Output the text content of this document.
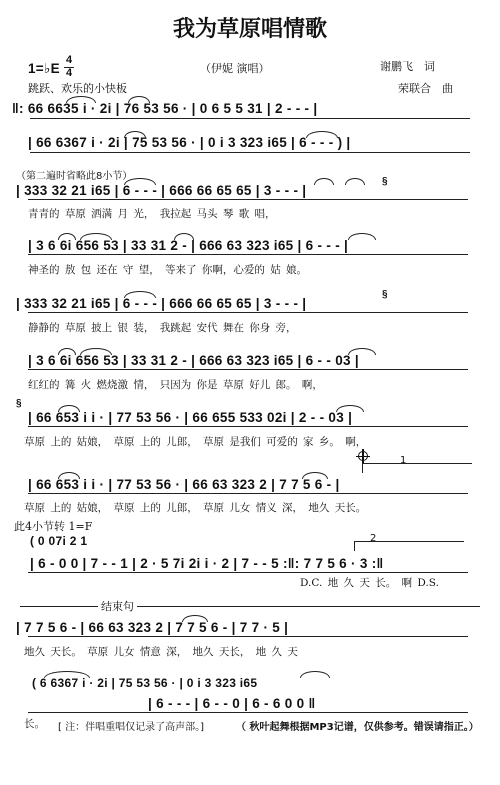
我为草原唱情歌
1=♭E
4
4	（伊妮 演唱）	谢鹏飞　词
跳跃、欢乐的小快板	荣联合　曲
‖: 66 6635 i · 2i | 76 53 56 · | 0 6 5 5 31 | 2 - - - |
| 66 6367 i · 2i | 75 53 56 · | 0 i 3 323 i65 | 6 - - - ) |
（第二遍时省略此8小节）	§
| 333 32 21 i65 | 6 - - - | 666 66 65 65 | 3 - - - |
青青的 草原 洒满 月 光， 我拉起 马头 琴 歌 唱，
| 3 6 6i 656 53 | 33 31 2 - | 666 63 323 i65 | 6 - - - |
神圣的 敖 包 还在 守 望， 等来了 你啊，心爱的 姑 娘。
| 333 32 21 i65 | 6 - - - | 666 66 65 65 | 3 - - - |
§
静静的 草原 披上 银 装， 我跳起 安代 舞在 你身 旁，
| 3 6 6i 656 53 | 33 31 2 - | 666 63 323 i65 | 6 - - 03 |
红红的 篝 火 燃烧激 情， 只因为 你是 草原 好儿 郎。 啊，
§
| 66 653 i i · | 77 53 56 · | 66 655 533 02i | 2 - - 03 |
草原 上的 姑娘， 草原 上的 儿郎， 草原 是我们 可爱的 家 乡。 啊，
1
| 66 653 i i · | 77 53 56 · | 66 63 323 2 | 7 7 5 6 - |
草原 上的 姑娘， 草原 上的 儿郎， 草原 儿女 情义 深， 地久 天长。
此4小节转 1=F
( 0 07i 2 1	2
| 6 - 0 0 | 7 - - 1 | 2 · 5 7i 2i i · 2 | 7 - - 5 :‖: 7 7 5 6 · 3 :‖
D.C. 地 久 天 长。 啊 D.S.
结束句
| 7 7 5 6 - | 66 63 323 2 | 7 7 5 6 - | 7 7 · 5 |
地久 天长。 草原 儿女 情意 深， 地久 天长， 地 久 天
( 6 6367 i · 2i | 75 53 56 · | 0 i 3 323 i65
| 6 - - - | 6 - - 0 | 6 - 6 0 0 ‖
长。 [ 注：伴唱重唱仅记录了高声部。]	（ 秋叶起舞根据MP3记谱，仅供参考。错误请指正。）
